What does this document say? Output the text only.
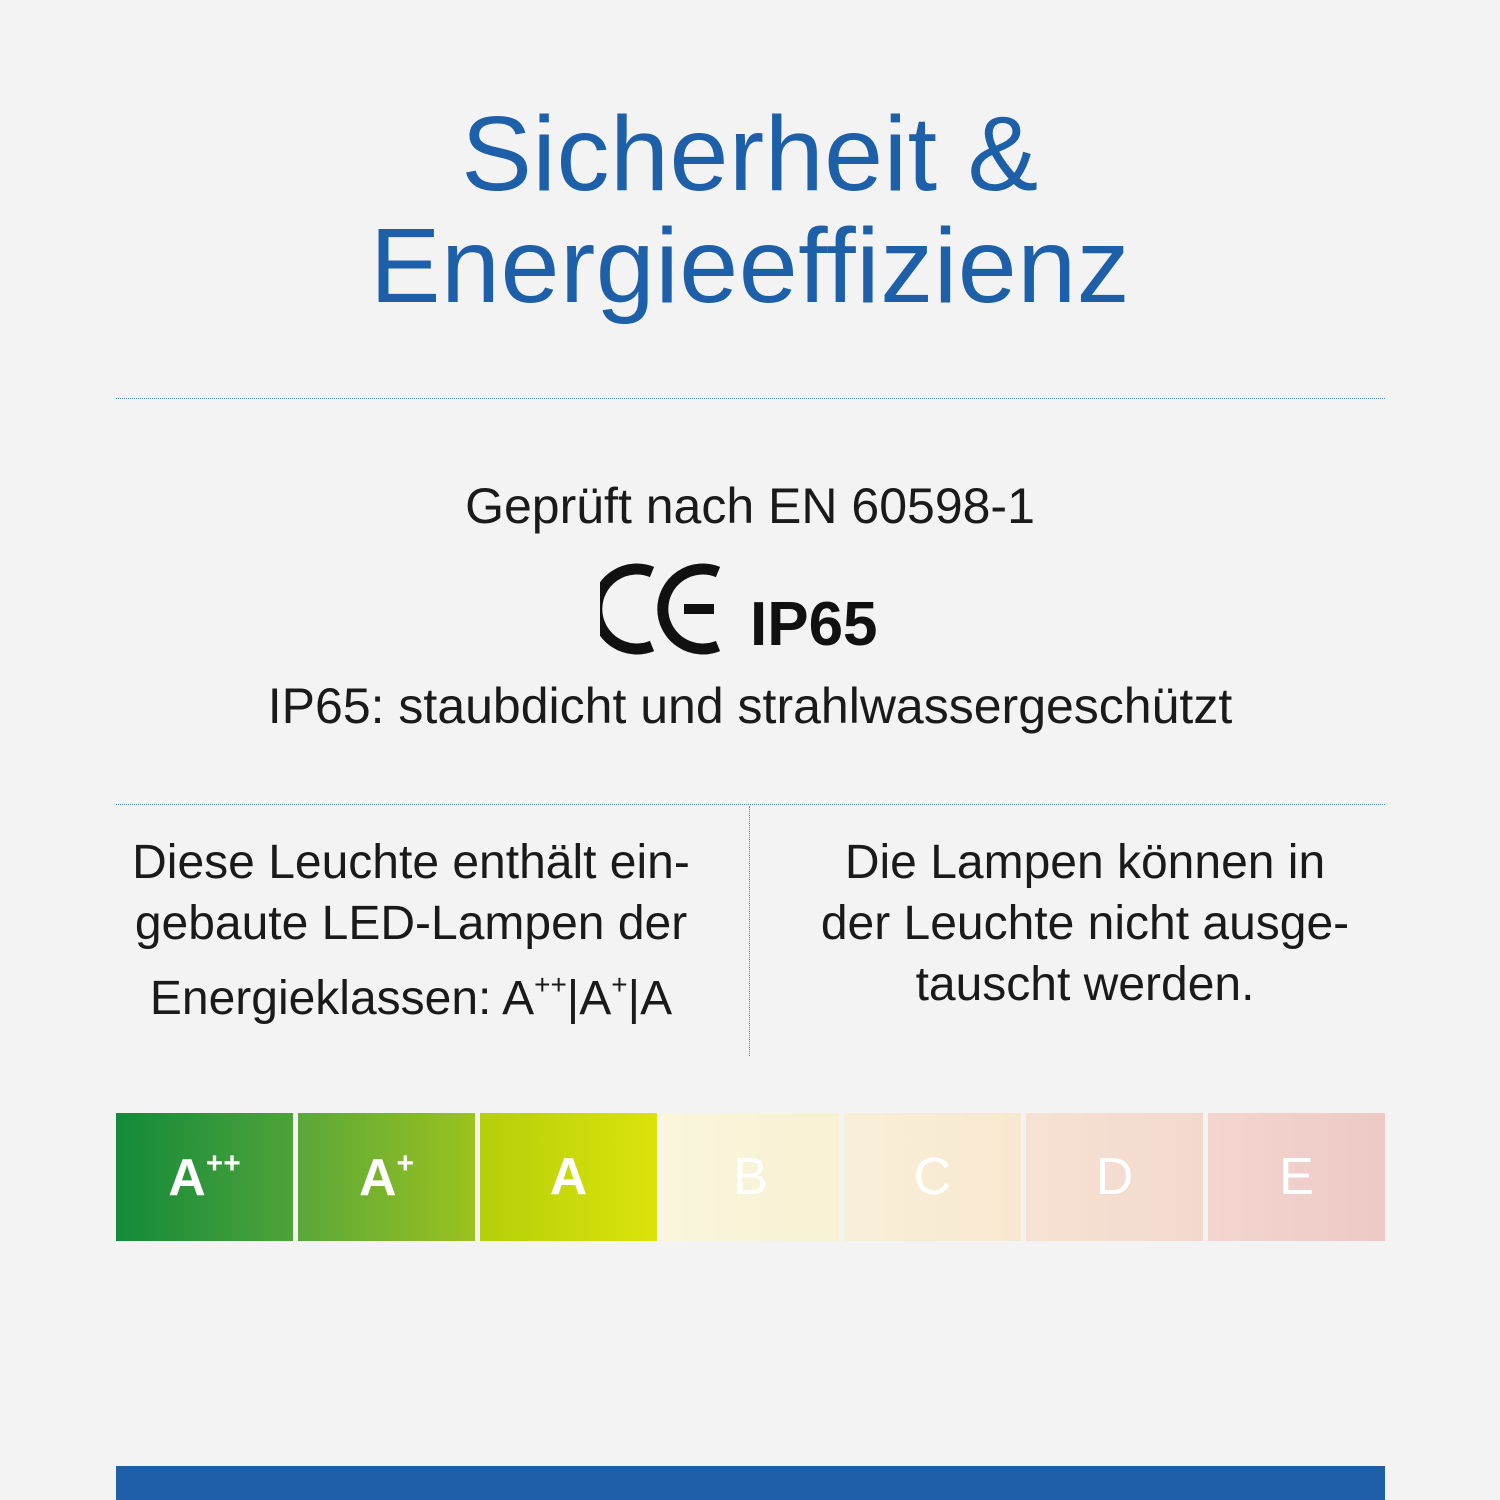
Sicherheit &
Energieeffizienz
Geprüft nach EN 60598-1
IP65
IP65: staubdicht und strahlwassergeschützt
Diese Leuchte enthält ein-
gebaute LED-Lampen der
Energieklassen: A++|A+|A
Die Lampen können in
der Leuchte nicht ausge-
tauscht werden.
A++ A+	A	B	C	D	E
